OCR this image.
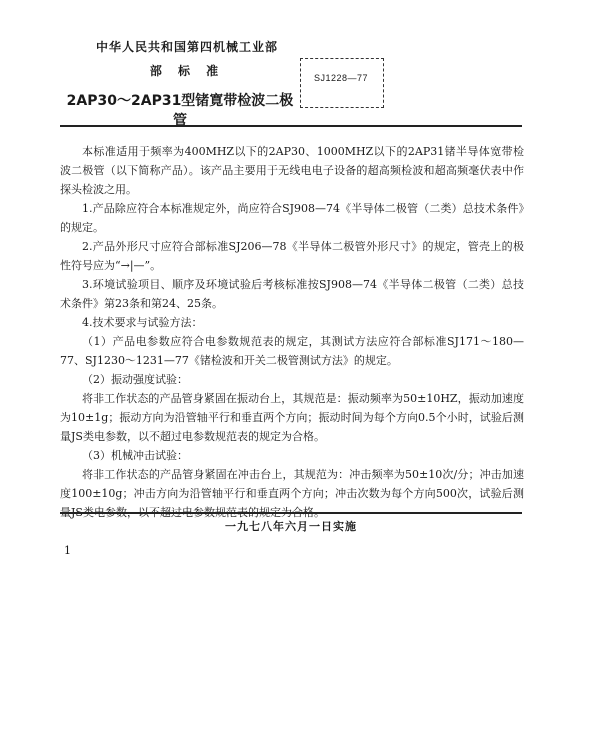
中华人民共和国第四机械工业部
部 标 准
2AP30～2AP31型锗寛带检波二极管
SJ1228—77

本标准适用于频率为400MHZ以下的2AP30、1000MHZ以下的2AP31锗半导体宽带检波二极管（以下简称产品）。该产品主要用于无线电电子设备的超高频检波和超高频毫伏表中作探头检波之用。

1.产品除应符合本标准规定外，尚应符合SJ908—74《半导体二极管（二类）总技术条件》的规定。

2.产品外形尺寸应符合部标准SJ206—78《半导体二极管外形尺寸》的规定，管壳上的极性符号应为“→|—”。

3.环境试验项目、顺序及环境试验后考核标准按SJ908—74《半导体二极管（二类）总技术条件》第23条和第24、25条。

4.技术要求与试验方法：

（1）产品电参数应符合电参数规范表的规定，其测试方法应符合部标准SJ171～180—77、SJ1230～1231—77《锗检波和开关二极管测试方法》的规定。

（2）振动强度试验：

将非工作状态的产品管身紧固在振动台上，其规范是：振动频率为50±10HZ，振动加速度为10±1g；振动方向为沿管轴平行和垂直两个方向；振动时间为每个方向0.5个小时，试验后测量JS类电参数，以不超过电参数规范表的规定为合格。

（3）机械冲击试验：

将非工作状态的产品管身紧固在冲击台上，其规范为：冲击频率为50±10次/分；冲击加速度100±10g；冲击方向为沿管轴平行和垂直两个方向；冲击次数为每个方向500次，试验后测量JS类电参数，以不超过电参数规范表的规定为合格。

一九七八年六月一日实施
1
